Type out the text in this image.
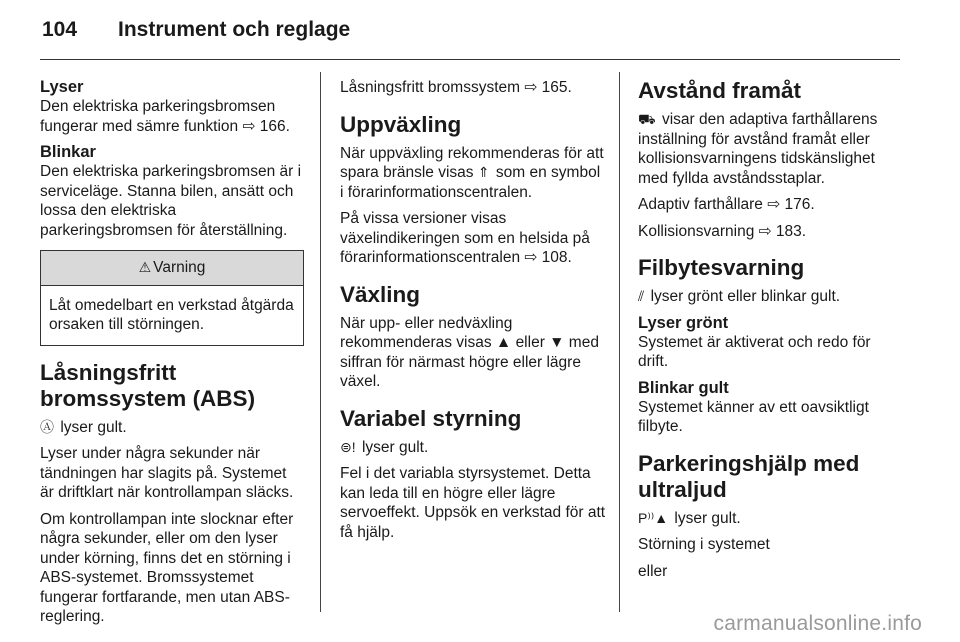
104 Instrument och reglage
Lyser

Den elektriska parkeringsbromsen fungerar med sämre funktion ⇨ 166.

Blinkar

Den elektriska parkeringsbromsen är i serviceläge. Stanna bilen, ansätt och lossa den elektriska parkeringsbromsen för återställning.

⚠ Varning
Låt omedelbart en verkstad åtgärda orsaken till störningen.
Låsningsfritt bromssystem (ABS)

Ⓐ lyser gult.

Lyser under några sekunder när tändningen har slagits på. Systemet är driftklart när kontrollampan släcks.

Om kontrollampan inte slocknar efter några sekunder, eller om den lyser under körning, finns det en störning i ABS-systemet. Bromssystemet fungerar fortfarande, men utan ABS-reglering.

Låsningsfritt bromssystem ⇨ 165.

Uppväxling

När uppväxling rekommenderas för att spara bränsle visas ⇑ som en symbol i förarinformationscentralen.

På vissa versioner visas växelindikeringen som en helsida på förarinformationscentralen ⇨ 108.

Växling

När upp- eller nedväxling rekommenderas visas ▲ eller ▼ med siffran för närmast högre eller lägre växel.

Variabel styrning

⊜! lyser gult.

Fel i det variabla styrsystemet. Detta kan leda till en högre eller lägre servoeffekt. Uppsök en verkstad för att få hjälp.

Avstånd framåt

⛟ visar den adaptiva farthållarens inställning för avstånd framåt eller kollisionsvarningens tidskänslighet med fyllda avståndsstaplar.

Adaptiv farthållare ⇨ 176.

Kollisionsvarning ⇨ 183.

Filbytesvarning

⫽ lyser grönt eller blinkar gult.

Lyser grönt

Systemet är aktiverat och redo för drift.

Blinkar gult

Systemet känner av ett oavsiktligt filbyte.

Parkeringshjälp med ultraljud

P⁾⁾▲ lyser gult.

Störning i systemet

eller

carmanualsonline.info
